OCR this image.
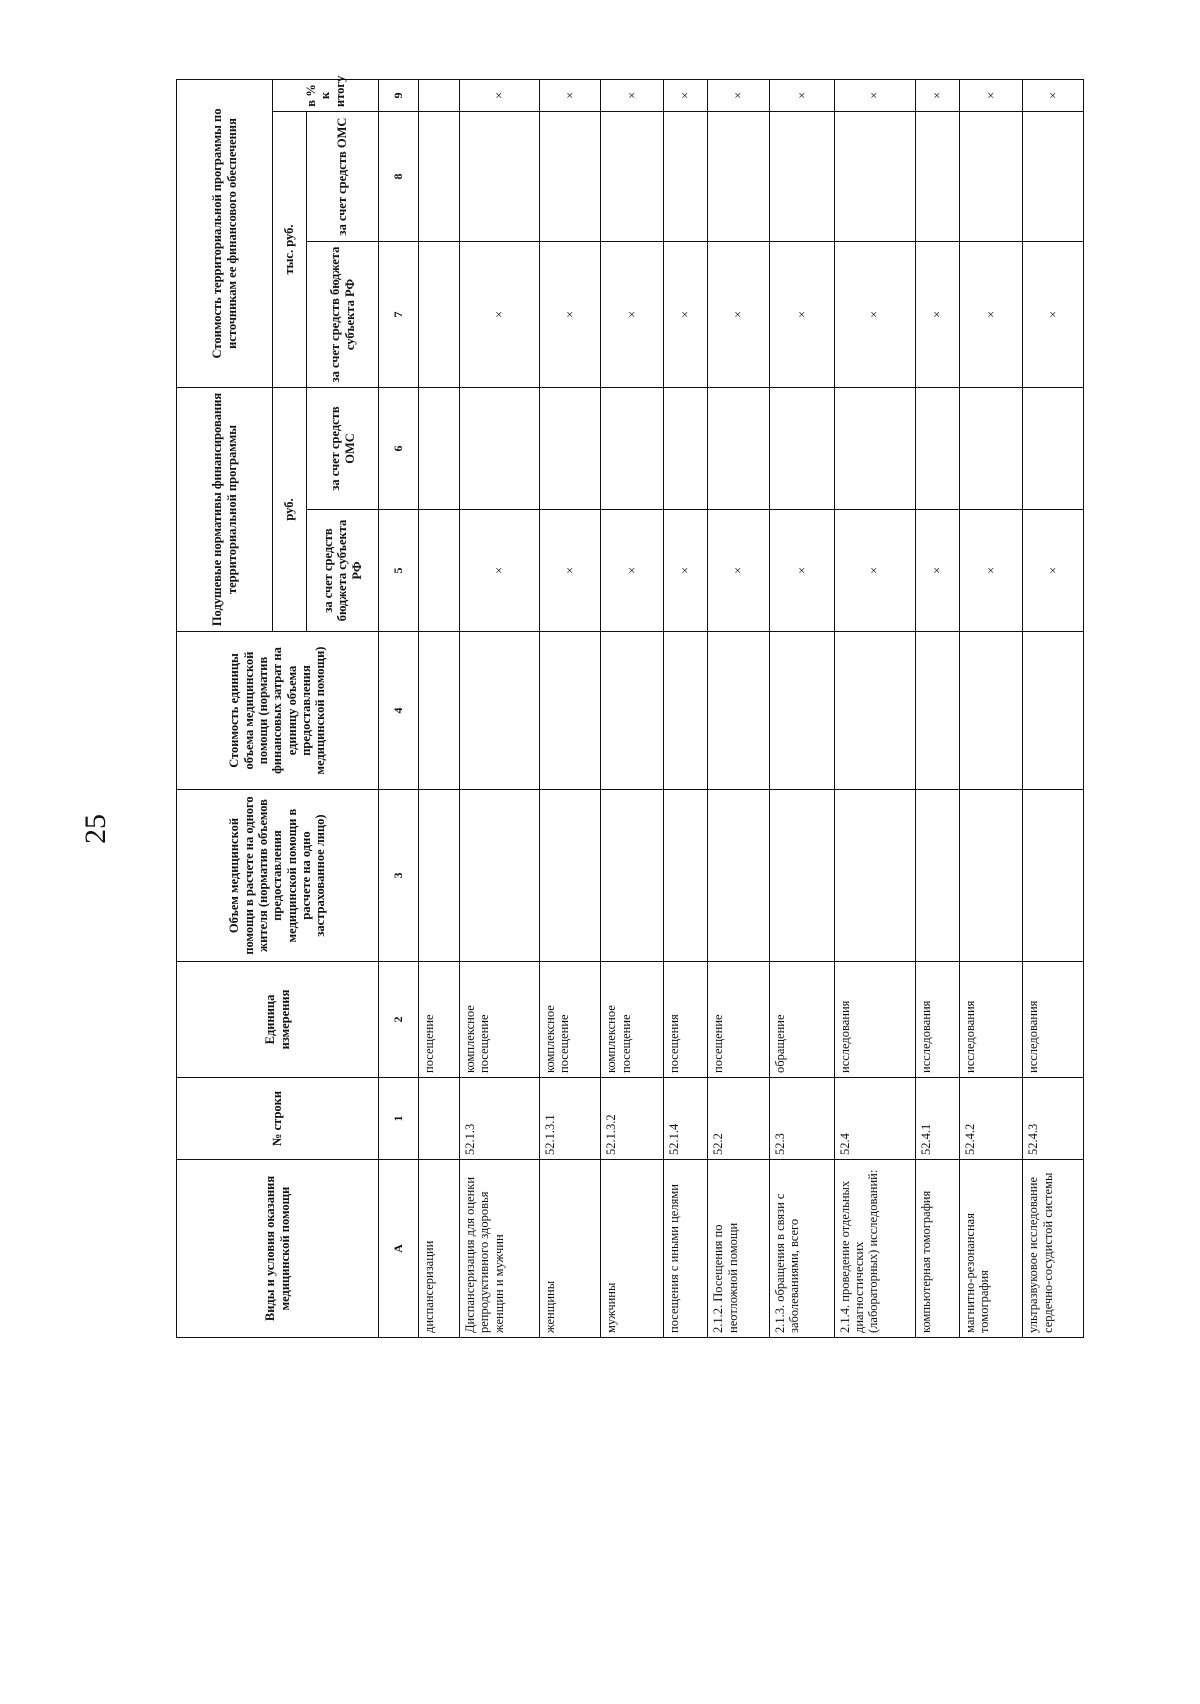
25
Виды и условия оказания медицинской помощи	№ строки	Единица измерения	Объем медицинской помощи в расчете на одного жителя (норматив объемов предоставления медицинской помощи в расчете на одно застрахованное лицо)	Стоимость единицы объема медицинской помощи (норматив финансовых затрат на единицу объема предоставления медицинской помощи)	Подушевые нормативы финансирования территориальной программы		Стоимость территориальной программы по источникам ее финансового обеспечения		
					руб.		тыс. руб.		в % к итогу
					за счет средств бюджета субъекта РФ	за счет средств ОМС	за счет средств бюджета субъекта РФ	за счет средств ОМС	
А	1	2	3	4	5	6	7	8	9
диспансеризации		посещение							
Диспансеризация для оценки репродуктивного здоровья женщин и мужчин	52.1.3	комплексное посещение			×		×		×
женщины	52.1.3.1	комплексное посещение			×		×		×
мужчины	52.1.3.2	комплексное посещение			×		×		×
посещения с иными целями	52.1.4	посещения			×		×		×
2.1.2. Посещения по неотложной помощи	52.2	посещение			×		×		×
2.1.3. обращения в связи с заболеваниями, всего	52.3	обращение			×		×		×
2.1.4. проведение отдельных диагностических (лабораторных) исследований:	52.4	исследования			×		×		×
компьютерная томография	52.4.1	исследования			×		×		×
магнитно-резонансная томография	52.4.2	исследования			×		×		×
ультразвуковое исследование сердечно-сосудистой системы	52.4.3	исследования			×		×		×
